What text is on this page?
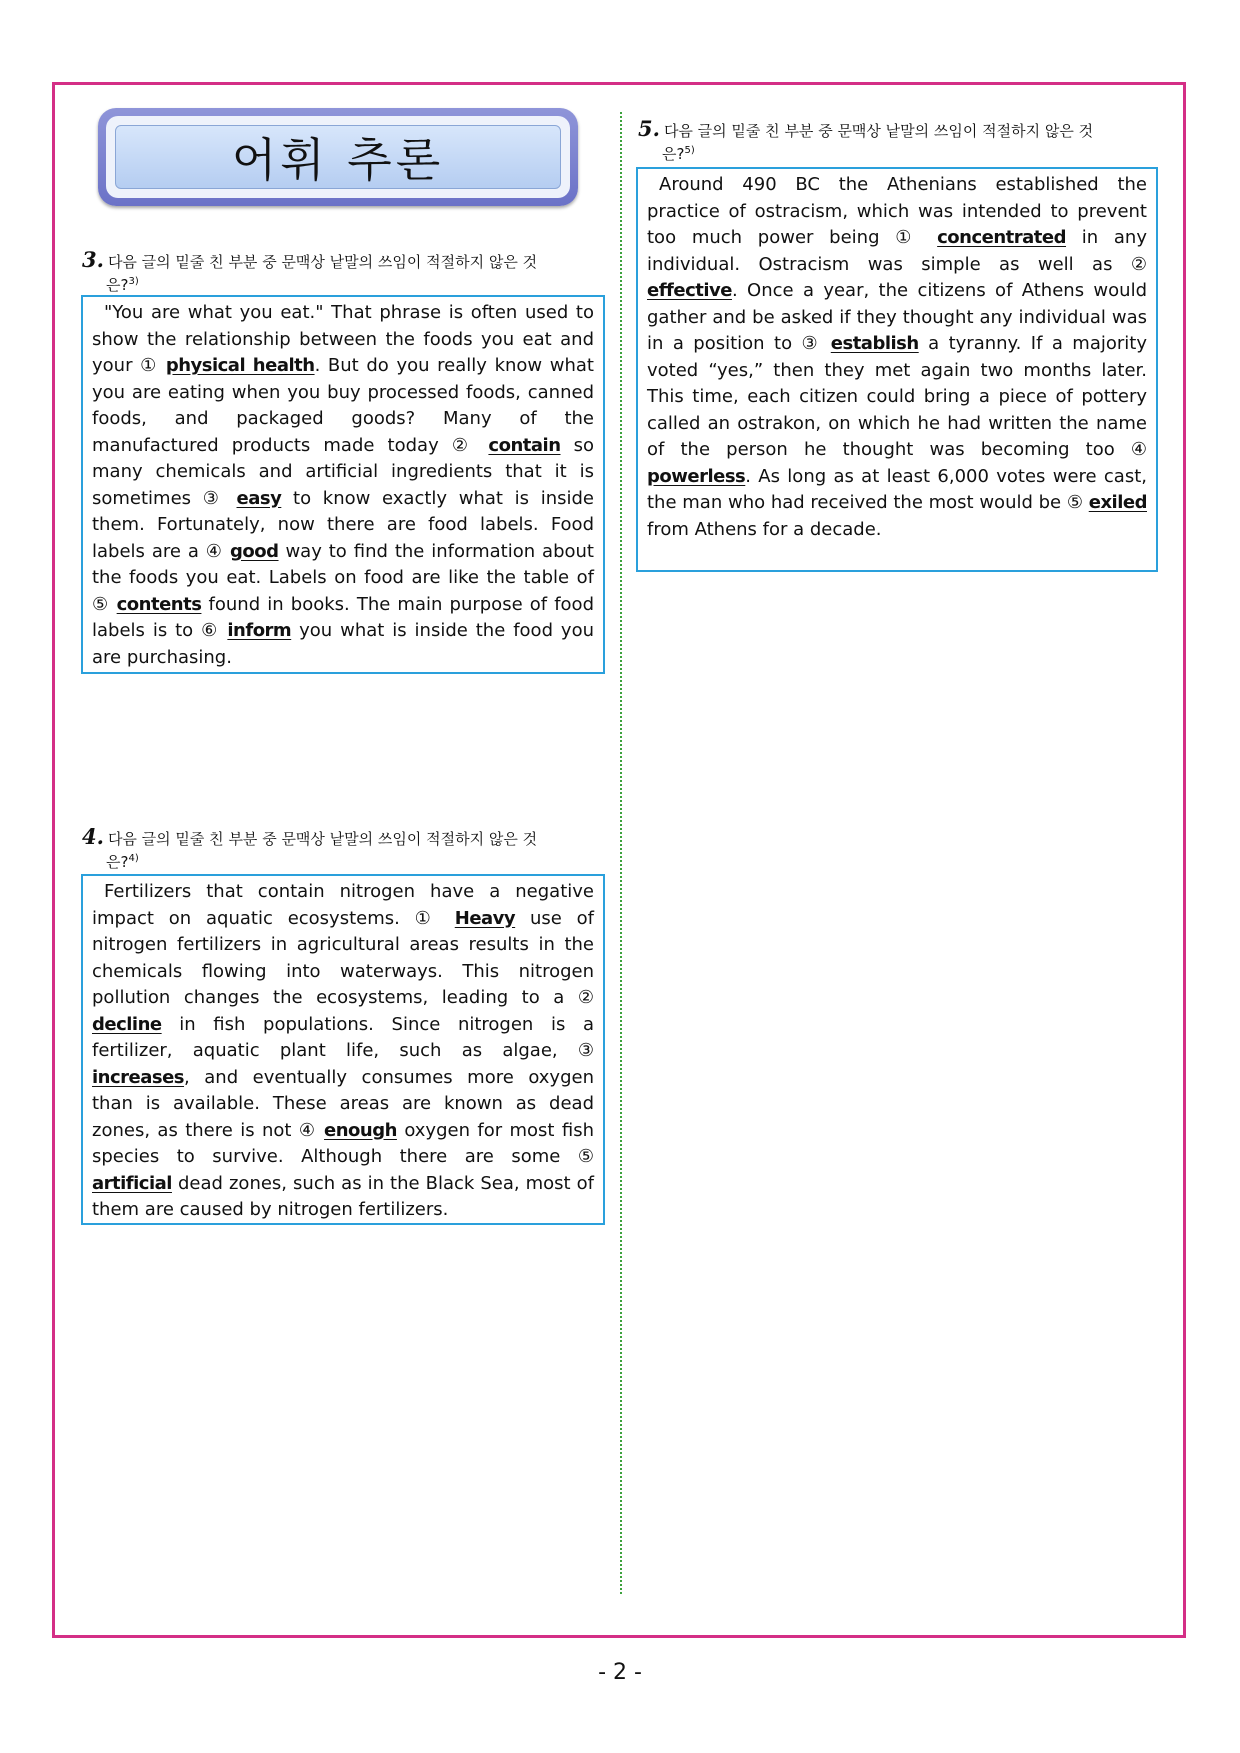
어휘 추론
3. 다음 글의 밑줄 친 부분 중 문맥상 낱말의 쓰임이 적절하지 않은 것
은?$^{3)}$

"You are what you eat." That phrase is often used to show the relationship between the foods you eat and your ① physical health. But do you really know what you are eating when you buy processed foods, canned foods, and packaged goods? Many of the manufactured products made today ② contain so many chemicals and artificial ingredients that it is sometimes ③ easy to know exactly what is inside them. Fortunately, now there are food labels. Food labels are a ④ good way to find the information about the foods you eat. Labels on food are like the table of ⑤ contents found in books. The main purpose of food labels is to ⑥ inform you what is inside the food you are purchasing.

4. 다음 글의 밑줄 친 부분 중 문맥상 낱말의 쓰임이 적절하지 않은 것
은?$^{4)}$

Fertilizers that contain nitrogen have a negative impact on aquatic ecosystems. ① Heavy use of nitrogen fertilizers in agricultural areas results in the chemicals flowing into waterways. This nitrogen pollution changes the ecosystems, leading to a ② decline in fish populations. Since nitrogen is a fertilizer, aquatic plant life, such as algae, ③ increases, and eventually consumes more oxygen than is available. These areas are known as dead zones, as there is not ④ enough oxygen for most fish species to survive. Although there are some ⑤ artificial dead zones, such as in the Black Sea, most of them are caused by nitrogen fertilizers.

5. 다음 글의 밑줄 친 부분 중 문맥상 낱말의 쓰임이 적절하지 않은 것
은?$^{5)}$

Around 490 BC the Athenians established the practice of ostracism, which was intended to prevent too much power being ① concentrated in any individual. Ostracism was simple as well as ② effective. Once a year, the citizens of Athens would gather and be asked if they thought any individual was in a position to ③ establish a tyranny. If a majority voted “yes,” then they met again two months later. This time, each citizen could bring a piece of pottery called an ostrakon, on which he had written the name of the person he thought was becoming too ④ powerless. As long as at least 6,000 votes were cast, the man who had received the most would be ⑤ exiled from Athens for a decade.

- 2 -
